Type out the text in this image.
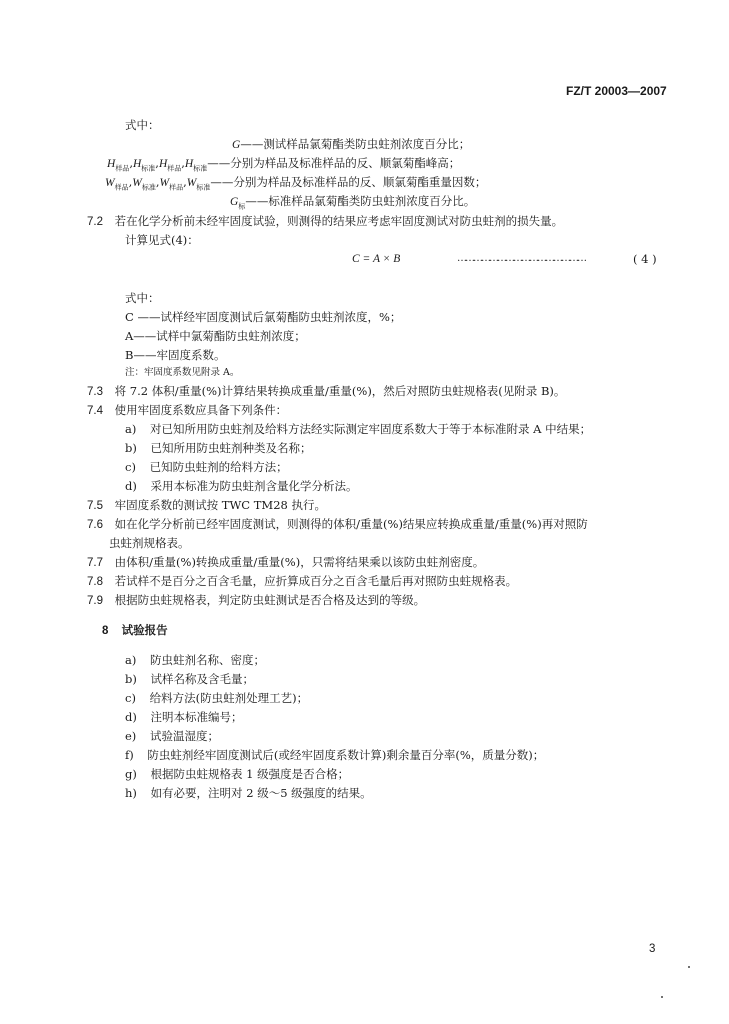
FZ/T 20003—2007
式中：
G——测试样品氯菊酯类防虫蛀剂浓度百分比；
$H_{样品},H_{标准},H_{样品},H_{标准}——$分别为样品及标准样品的反、顺氯菊酯峰高；
$W_{样品},W_{标准},W_{样品},W_{标准}——$分别为样品及标准样品的反、顺氯菊酯重量因数；
$G_标——$标准样品氯菊酯类防虫蛀剂浓度百分比。
7.2 若在化学分析前未经牢固度试验，则测得的结果应考虑牢固度测试对防虫蛀剂的损失量。
计算见式(4)：
C = A × B	…………………………………………	( 4 )
式中：
C ——试样经牢固度测试后氯菊酯防虫蛀剂浓度，%；
A——试样中氯菊酯防虫蛀剂浓度；
B——牢固度系数。
注：牢固度系数见附录 A。
7.3 将 7.2 体积/重量(%)计算结果转换成重量/重量(%)，然后对照防虫蛀规格表(见附录 B)。
7.4 使用牢固度系数应具备下列条件：
a) 对已知所用防虫蛀剂及给料方法经实际测定牢固度系数大于等于本标准附录 A 中结果；
b) 已知所用防虫蛀剂种类及名称；
c) 已知防虫蛀剂的给料方法；
d) 采用本标准为防虫蛀剂含量化学分析法。
7.5 牢固度系数的测试按 TWC TM28 执行。
7.6 如在化学分析前已经牢固度测试，则测得的体积/重量(%)结果应转换成重量/重量(%)再对照防
虫蛀剂规格表。
7.7 由体积/重量(%)转换成重量/重量(%)，只需将结果乘以该防虫蛀剂密度。
7.8 若试样不是百分之百含毛量，应折算成百分之百含毛量后再对照防虫蛀规格表。
7.9 根据防虫蛀规格表，判定防虫蛀测试是否合格及达到的等级。
8 试验报告
a) 防虫蛀剂名称、密度；
b) 试样名称及含毛量；
c) 给料方法(防虫蛀剂处理工艺)；
d) 注明本标准编号；
e) 试验温湿度；
f) 防虫蛀剂经牢固度测试后(或经牢固度系数计算)剩余量百分率(%，质量分数)；
g) 根据防虫蛀规格表 1 级强度是否合格；
h) 如有必要，注明对 2 级～5 级强度的结果。
3
